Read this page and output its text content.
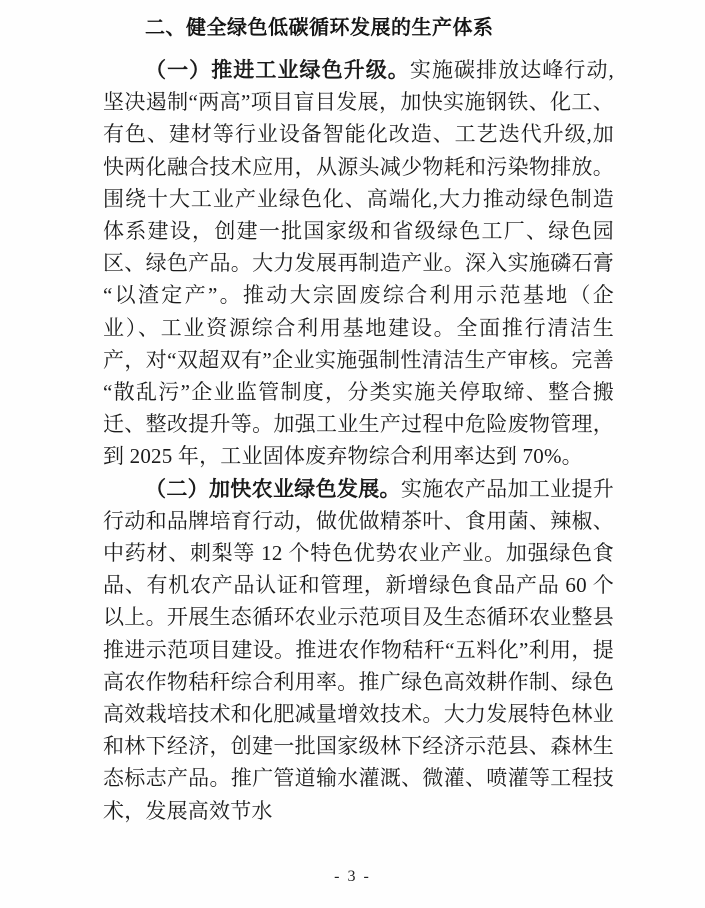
二、健全绿色低碳循环发展的生产体系

（一）推进工业绿色升级。实施碳排放达峰行动,坚决遏制“两高”项目盲目发展，加快实施钢铁、化工、有色、建材等行业设备智能化改造、工艺迭代升级,加快两化融合技术应用，从源头减少物耗和污染物排放。围绕十大工业产业绿色化、高端化,大力推动绿色制造体系建设，创建一批国家级和省级绿色工厂、绿色园区、绿色产品。大力发展再制造产业。深入实施磷石膏“以渣定产”。推动大宗固废综合利用示范基地（企业）、工业资源综合利用基地建设。全面推行清洁生产，对“双超双有”企业实施强制性清洁生产审核。完善“散乱污”企业监管制度，分类实施关停取缔、整合搬迁、整改提升等。加强工业生产过程中危险废物管理，到 2025 年，工业固体废弃物综合利用率达到 70%。

（二）加快农业绿色发展。实施农产品加工业提升行动和品牌培育行动，做优做精茶叶、食用菌、辣椒、中药材、刺梨等 12 个特色优势农业产业。加强绿色食品、有机农产品认证和管理，新增绿色食品产品 60 个以上。开展生态循环农业示范项目及生态循环农业整县推进示范项目建设。推进农作物秸秆“五料化”利用，提高农作物秸秆综合利用率。推广绿色高效耕作制、绿色高效栽培技术和化肥减量增效技术。大力发展特色林业和林下经济，创建一批国家级林下经济示范县、森林生态标志产品。推广管道输水灌溉、微灌、喷灌等工程技术，发展高效节水

- 3 -
